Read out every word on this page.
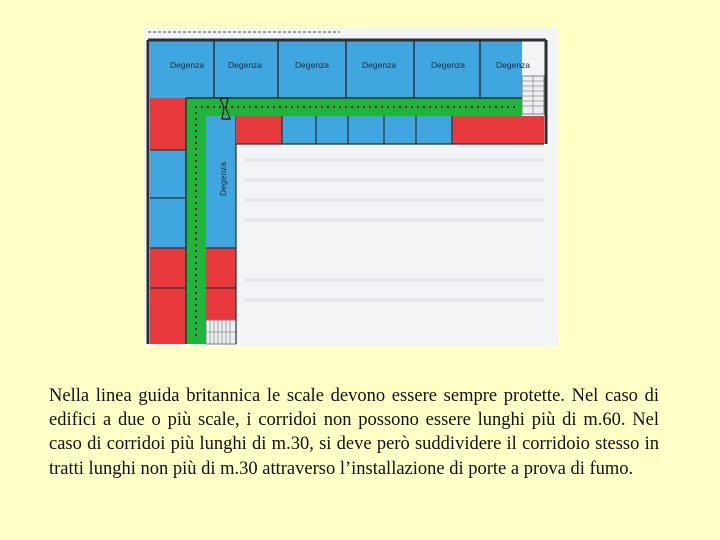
Degenza	Degenza	Degenza	Degenza	Degenza	Degenza
Degenza

Nella linea guida britannica le scale devono essere sempre protette. Nel caso di edifici a due o più scale, i corridoi non possono essere lunghi più di m.60. Nel caso di corridoi più lunghi di m.30, si deve però suddividere il corridoio stesso in tratti lunghi non più di m.30 attraverso l’installazione di porte a prova di fumo.
